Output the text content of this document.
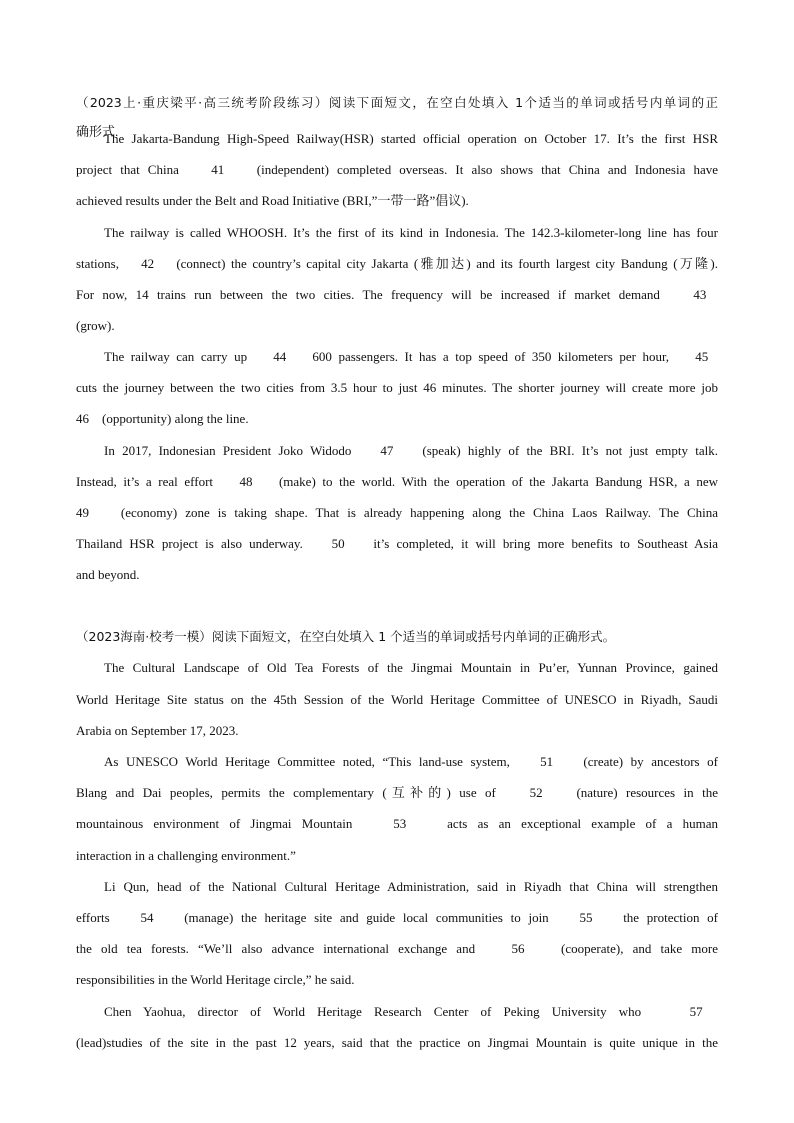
（2023上·重庆梁平·高三统考阶段练习）阅读下面短文，在空白处填入 1个适当的单词或括号内单词的正
确形式.
The Jakarta-Bandung High-Speed Railway(HSR) started official operation on October 17. It’s the first HSR
project that China    41    (independent) completed overseas. It also shows that China and Indonesia have
achieved results under the Belt and Road Initiative (BRI,”一带一路”倡议).
The railway is called WHOOSH. It’s the first of its kind in Indonesia. The 142.3-kilometer-long line has four
stations,    42    (connect) the country’s capital city Jakarta (雅加达) and its fourth largest city Bandung (万隆).
For now, 14 trains run between the two cities. The frequency will be increased if market demand    43
(grow).
The railway can carry up    44    600 passengers. It has a top speed of 350 kilometers per hour,    45
cuts the journey between the two cities from 3.5 hour to just 46 minutes. The shorter journey will create more job
46    (opportunity) along the line.
In 2017, Indonesian President Joko Widodo    47    (speak) highly of the BRI. It’s not just empty talk.
Instead, it’s a real effort    48    (make) to the world. With the operation of the Jakarta Bandung HSR, a new
49    (economy) zone is taking shape. That is already happening along the China Laos Railway. The China
Thailand HSR project is also underway.    50    it’s completed, it will bring more benefits to Southeast Asia
and beyond.
（2023海南·校考一模）阅读下面短文，在空白处填入 1 个适当的单词或括号内单词的正确形式。
The Cultural Landscape of Old Tea Forests of the Jingmai Mountain in Pu’er, Yunnan Province, gained
World Heritage Site status on the 45th Session of the World Heritage Committee of UNESCO in Riyadh, Saudi
Arabia on September 17, 2023.
As UNESCO World Heritage Committee noted, “This land-use system,    51    (create) by ancestors of
Blang and Dai peoples, permits the complementary (互补的) use of    52    (nature) resources in the
mountainous environment of Jingmai Mountain    53    acts as an exceptional example of a human
interaction in a challenging environment.”
Li Qun, head of the National Cultural Heritage Administration, said in Riyadh that China will strengthen
efforts    54    (manage) the heritage site and guide local communities to join    55    the protection of
the old tea forests. “We’ll also advance international exchange and    56    (cooperate), and take more
responsibilities in the World Heritage circle,” he said.
Chen Yaohua, director of World Heritage Research Center of Peking University who    57
(lead)studies of the site in the past 12 years, said that the practice on Jingmai Mountain is quite unique in the
